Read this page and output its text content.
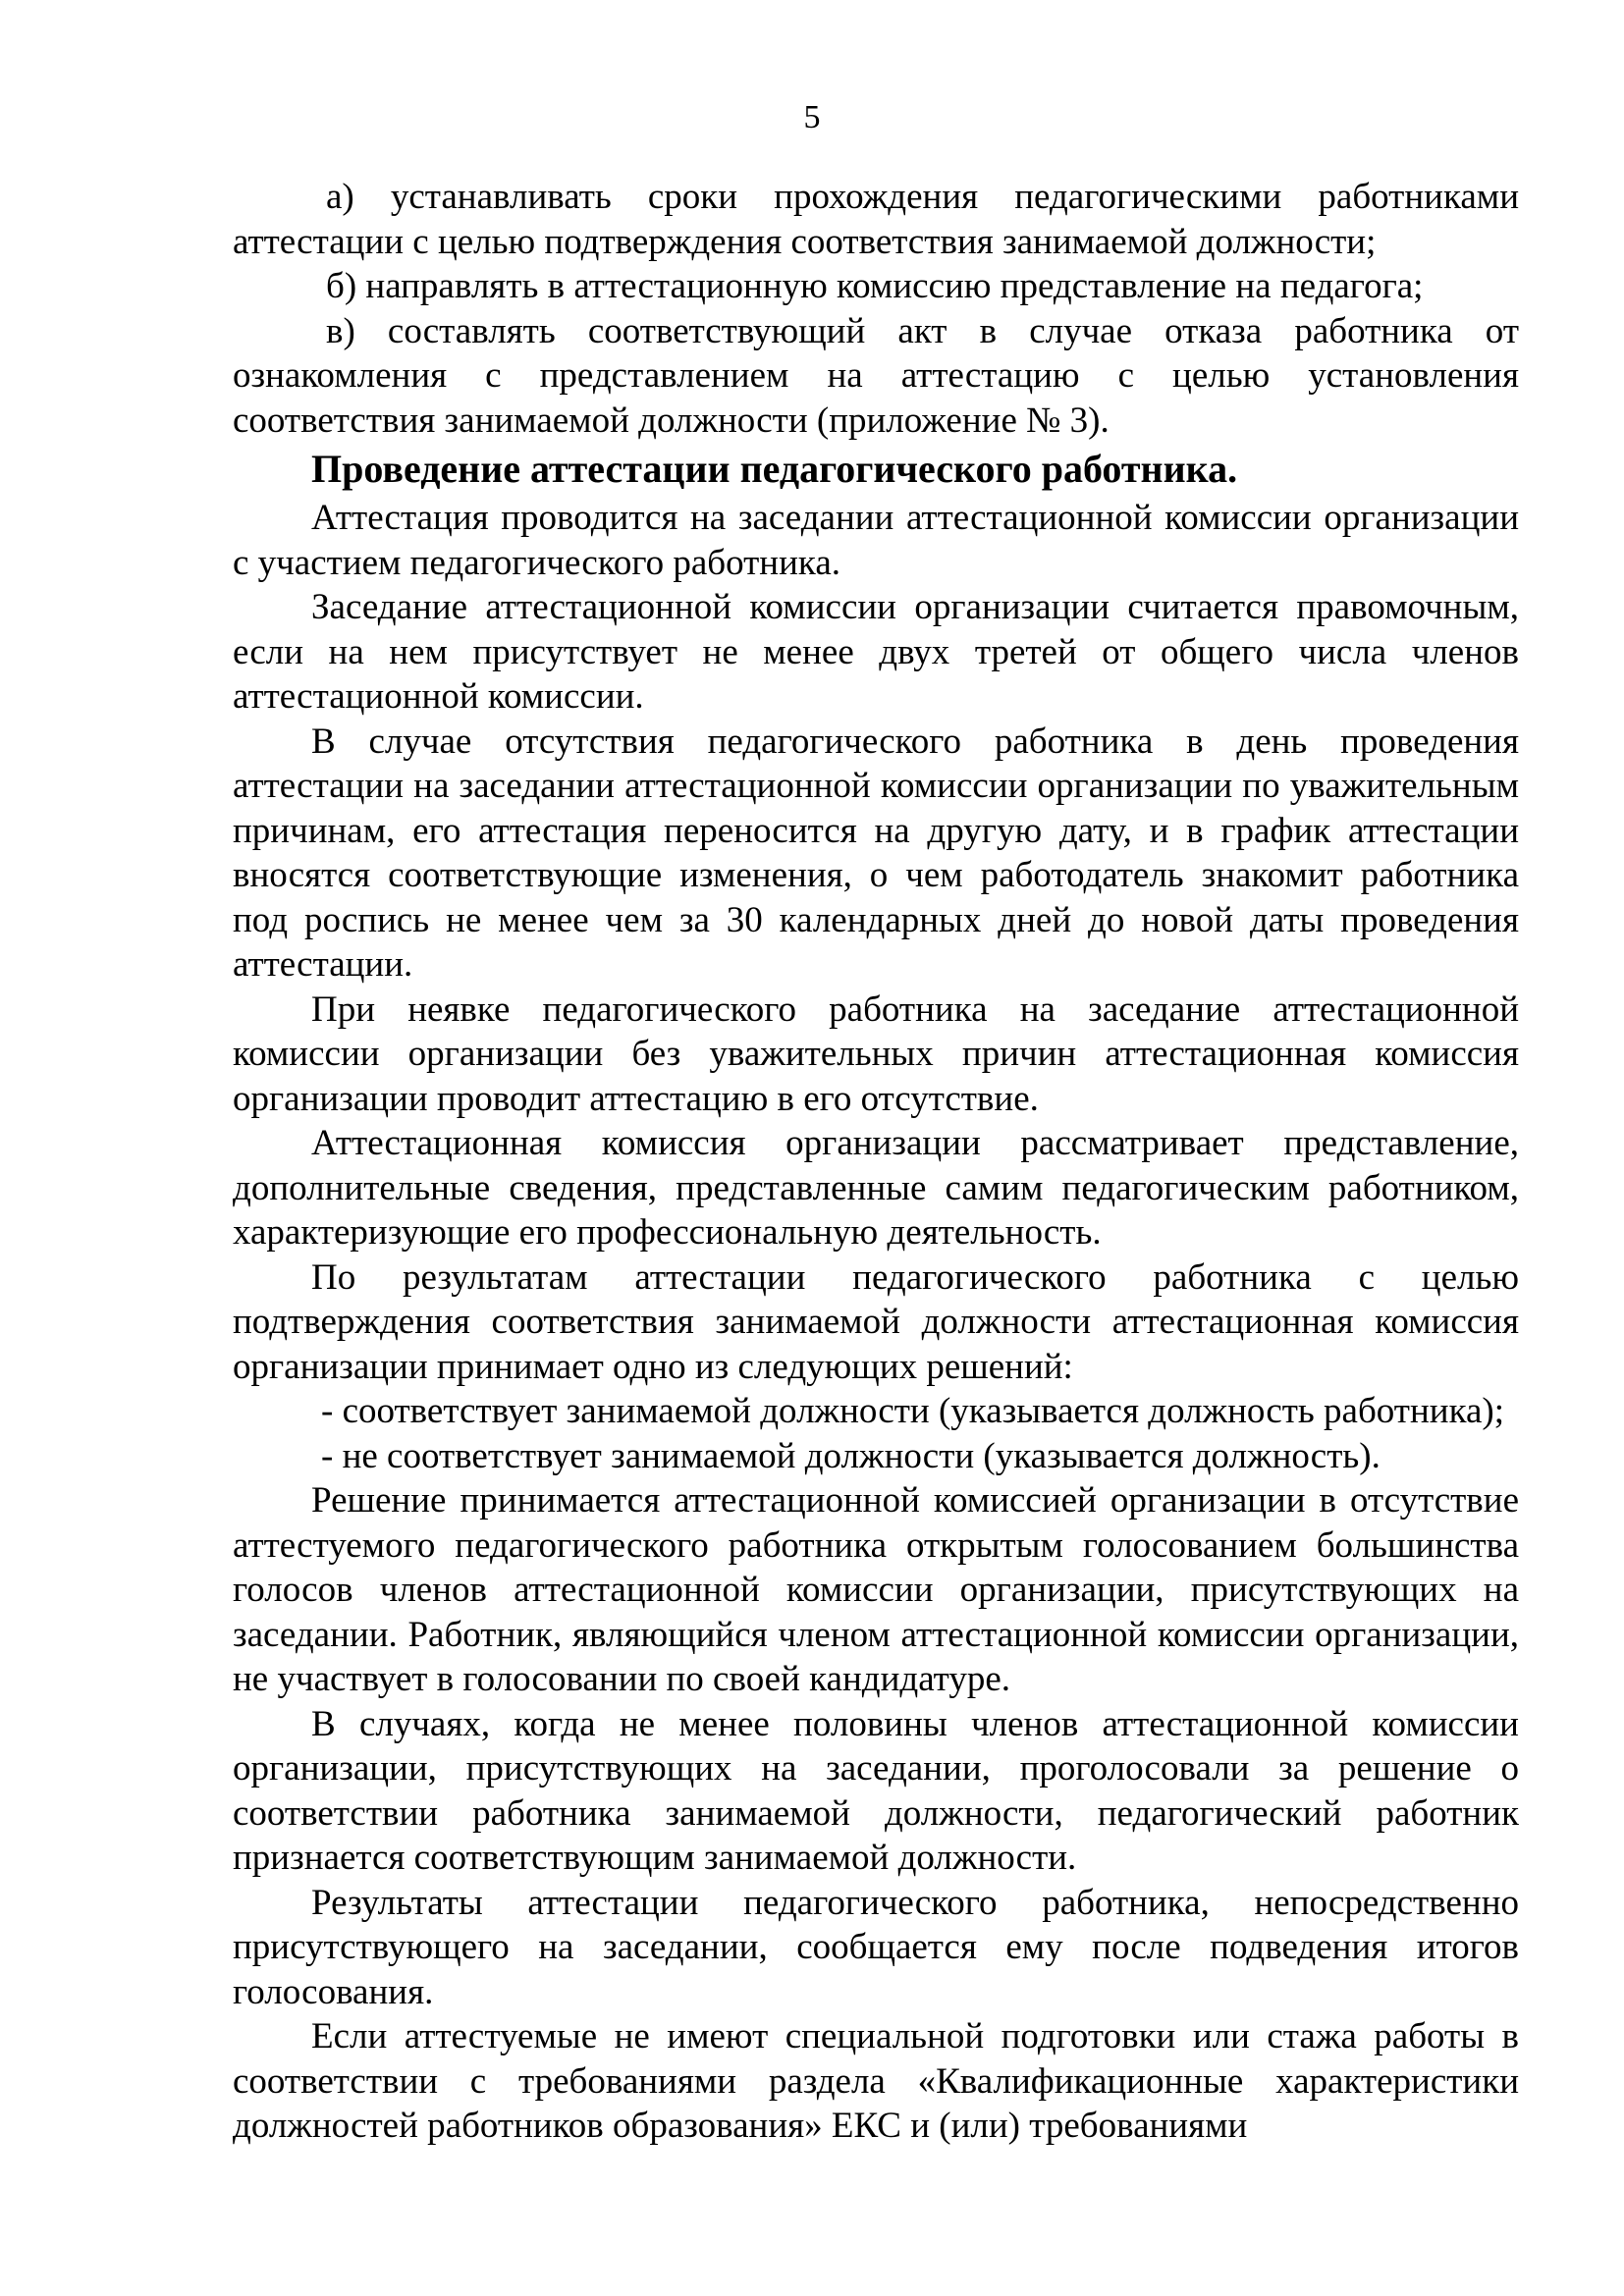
5

а) устанавливать сроки прохождения педагогическими работниками аттестации с целью подтверждения соответствия занимаемой должности;

б) направлять в аттестационную комиссию представление на педагога;

в) составлять соответствующий акт в случае отказа работника от ознакомления с представлением на аттестацию с целью установления соответствия занимаемой должности (приложение № 3).

Проведение аттестации педагогического работника.

Аттестация проводится на заседании аттестационной комиссии организации с участием педагогического работника.

Заседание аттестационной комиссии организации считается правомочным, если на нем присутствует не менее двух третей от общего числа членов аттестационной комиссии.

В случае отсутствия педагогического работника в день проведения аттестации на заседании аттестационной комиссии организации по уважительным причинам, его аттестация переносится на другую дату, и в график аттестации вносятся соответствующие изменения, о чем работодатель знакомит работника под роспись не менее чем за 30 календарных дней до новой даты проведения аттестации.

При неявке педагогического работника на заседание аттестационной комиссии организации без уважительных причин аттестационная комиссия организации проводит аттестацию в его отсутствие.

Аттестационная комиссия организации рассматривает представление, дополнительные сведения, представленные самим педагогическим работником, характеризующие его профессиональную деятельность.

По результатам аттестации педагогического работника с целью подтверждения соответствия занимаемой должности аттестационная комиссия организации принимает одно из следующих решений:

- соответствует занимаемой должности (указывается должность работника);

- не соответствует занимаемой должности (указывается должность).

Решение принимается аттестационной комиссией организации в отсутствие аттестуемого педагогического работника открытым голосованием большинства голосов членов аттестационной комиссии организации, присутствующих на заседании. Работник, являющийся членом аттестационной комиссии организации, не участвует в голосовании по своей кандидатуре.

В случаях, когда не менее половины членов аттестационной комиссии организации, присутствующих на заседании, проголосовали за решение о соответствии работника занимаемой должности, педагогический работник признается соответствующим занимаемой должности.

Результаты аттестации педагогического работника, непосредственно присутствующего на заседании, сообщается ему после подведения итогов голосования.

Если аттестуемые не имеют специальной подготовки или стажа работы в соответствии с требованиями раздела «Квалификационные характеристики должностей работников образования» ЕКС и (или) требованиями
